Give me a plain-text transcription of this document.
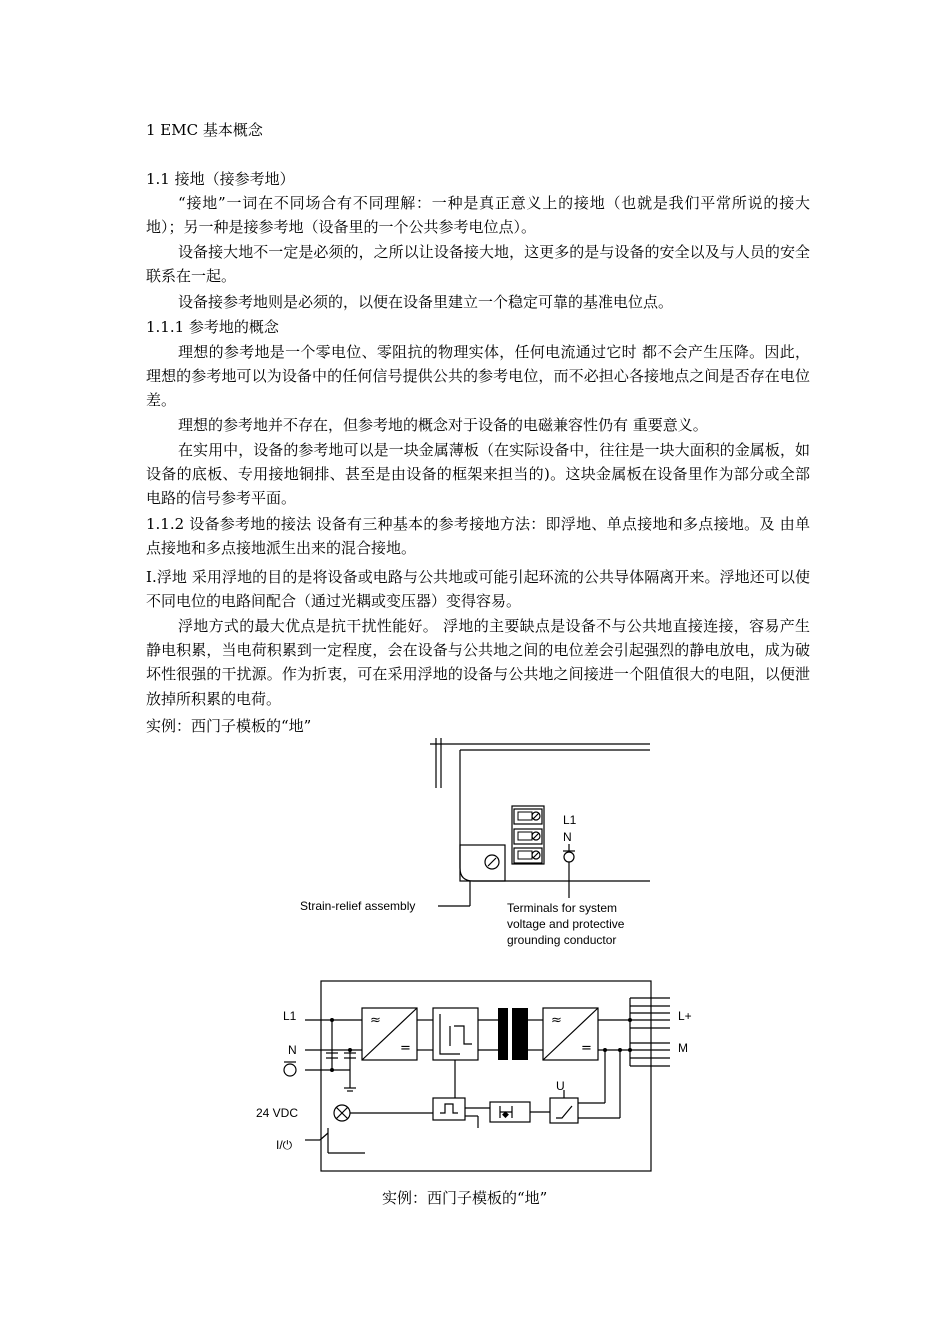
1 EMC 基本概念
1.1 接地（接参考地）

“接地”一词在不同场合有不同理解：一种是真正意义上的接地（也就是我们平常所说的接大地）；另一种是接参考地（设备里的一个公共参考电位点）。

设备接大地不一定是必须的，之所以让设备接大地，这更多的是与设备的安全以及与人员的安全联系在一起。

设备接参考地则是必须的，以便在设备里建立一个稳定可靠的基准电位点。

1.1.1 参考地的概念

理想的参考地是一个零电位、零阻抗的物理实体，任何电流通过它时 都不会产生压降。因此，理想的参考地可以为设备中的任何信号提供公共的参考电位，而不必担心各接地点之间是否存在电位差。

理想的参考地并不存在，但参考地的概念对于设备的电磁兼容性仍有 重要意义。

在实用中，设备的参考地可以是一块金属薄板（在实际设备中，往往是一块大面积的金属板，如设备的底板、专用接地铜排、甚至是由设备的框架来担当的)。这块金属板在设备里作为部分或全部电路的信号参考平面。

1.1.2 设备参考地的接法 设备有三种基本的参考接地方法：即浮地、单点接地和多点接地。及 由单点接地和多点接地派生出来的混合接地。

Ⅰ.浮地 采用浮地的目的是将设备或电路与公共地或可能引起环流的公共导体隔离开来。浮地还可以使不同电位的电路间配合（通过光耦或变压器）变得容易。

浮地方式的最大优点是抗干扰性能好。 浮地的主要缺点是设备不与公共地直接连接，容易产生静电积累，当电荷积累到一定程度，会在设备与公共地之间的电位差会引起强烈的静电放电，成为破坏性很强的干扰源。作为折衷，可在采用浮地的设备与公共地之间接进一个阻值很大的电阻，以便泄放掉所积累的电荷。

实例：西门子模板的“地”
L1
N
Strain-relief assembly	Terminals for system
voltage and protective
grounding conductor
≈
=
≈
=
◆
L1
N
24 VDC
I/⏻
L+
M
U
实例：西门子模板的“地”
